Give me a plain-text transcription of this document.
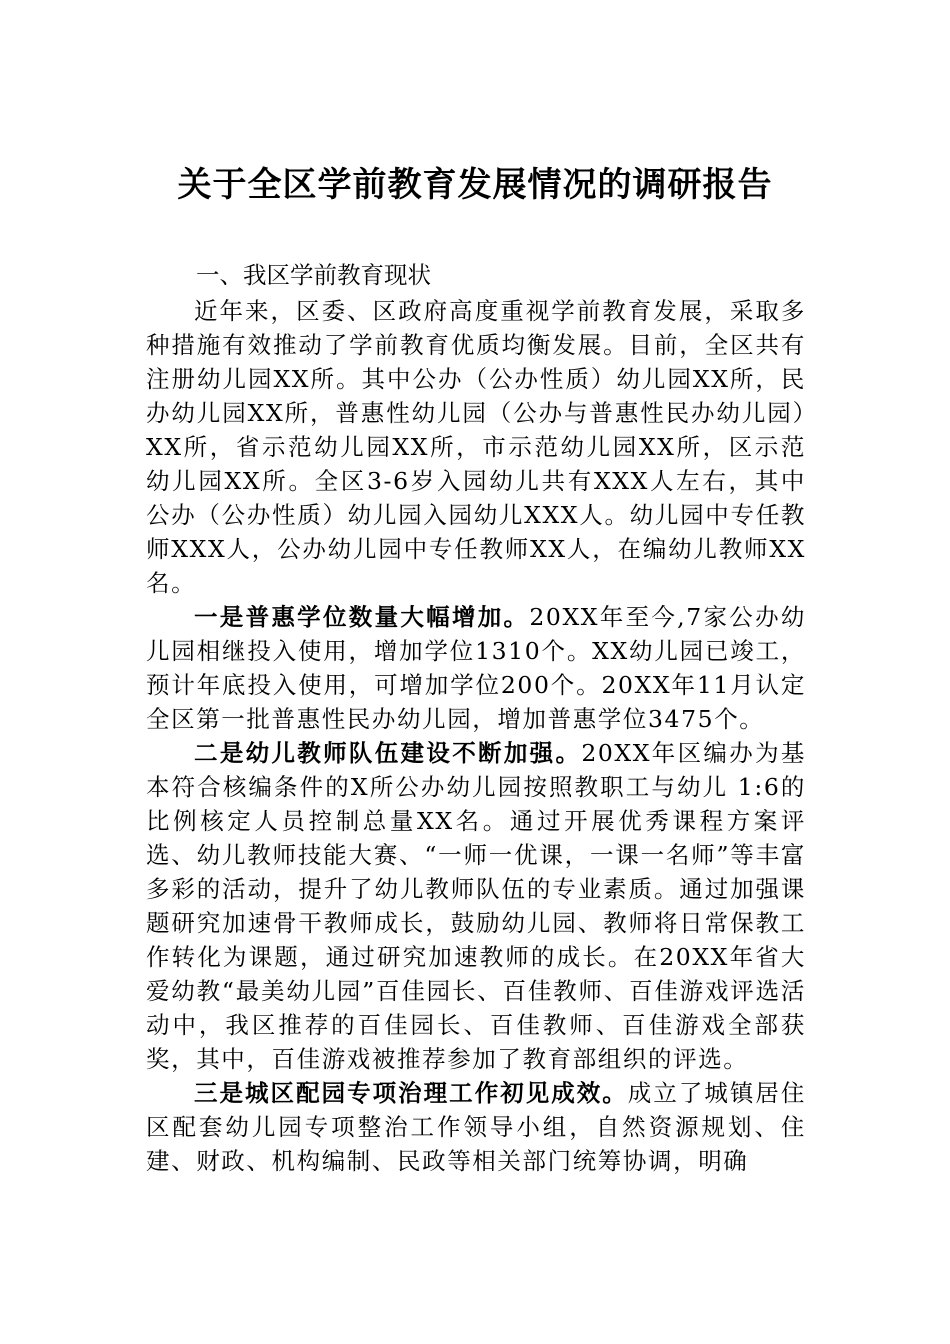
关于全区学前教育发展情况的调研报告
一、我区学前教育现状

近年来，区委、区政府高度重视学前教育发展，采取多种措施有效推动了学前教育优质均衡发展。目前，全区共有注册幼儿园XX所。其中公办（公办性质）幼儿园XX所，民办幼儿园XX所，普惠性幼儿园（公办与普惠性民办幼儿园）XX所，省示范幼儿园XX所，市示范幼儿园XX所，区示范幼儿园XX所。全区3-6岁入园幼儿共有XXX人左右，其中公办（公办性质）幼儿园入园幼儿XXX人。幼儿园中专任教师XXX人，公办幼儿园中专任教师XX人，在编幼儿教师XX名。

一是普惠学位数量大幅增加。20XX年至今,7家公办幼儿园相继投入使用，增加学位1310个。XX幼儿园已竣工，预计年底投入使用，可增加学位200个。20XX年11月认定全区第一批普惠性民办幼儿园，增加普惠学位3475个。

二是幼儿教师队伍建设不断加强。20XX年区编办为基本符合核编条件的X所公办幼儿园按照教职工与幼儿 1:6的比例核定人员控制总量XX名。通过开展优秀课程方案评选、幼儿教师技能大赛、“一师一优课，一课一名师”等丰富多彩的活动，提升了幼儿教师队伍的专业素质。通过加强课题研究加速骨干教师成长，鼓励幼儿园、教师将日常保教工作转化为课题，通过研究加速教师的成长。在20XX年省大爱幼教“最美幼儿园”百佳园长、百佳教师、百佳游戏评选活动中，我区推荐的百佳园长、百佳教师、百佳游戏全部获奖，其中，百佳游戏被推荐参加了教育部组织的评选。

三是城区配园专项治理工作初见成效。成立了城镇居住区配套幼儿园专项整治工作领导小组，自然资源规划、住建、财政、机构编制、民政等相关部门统筹协调，明确
